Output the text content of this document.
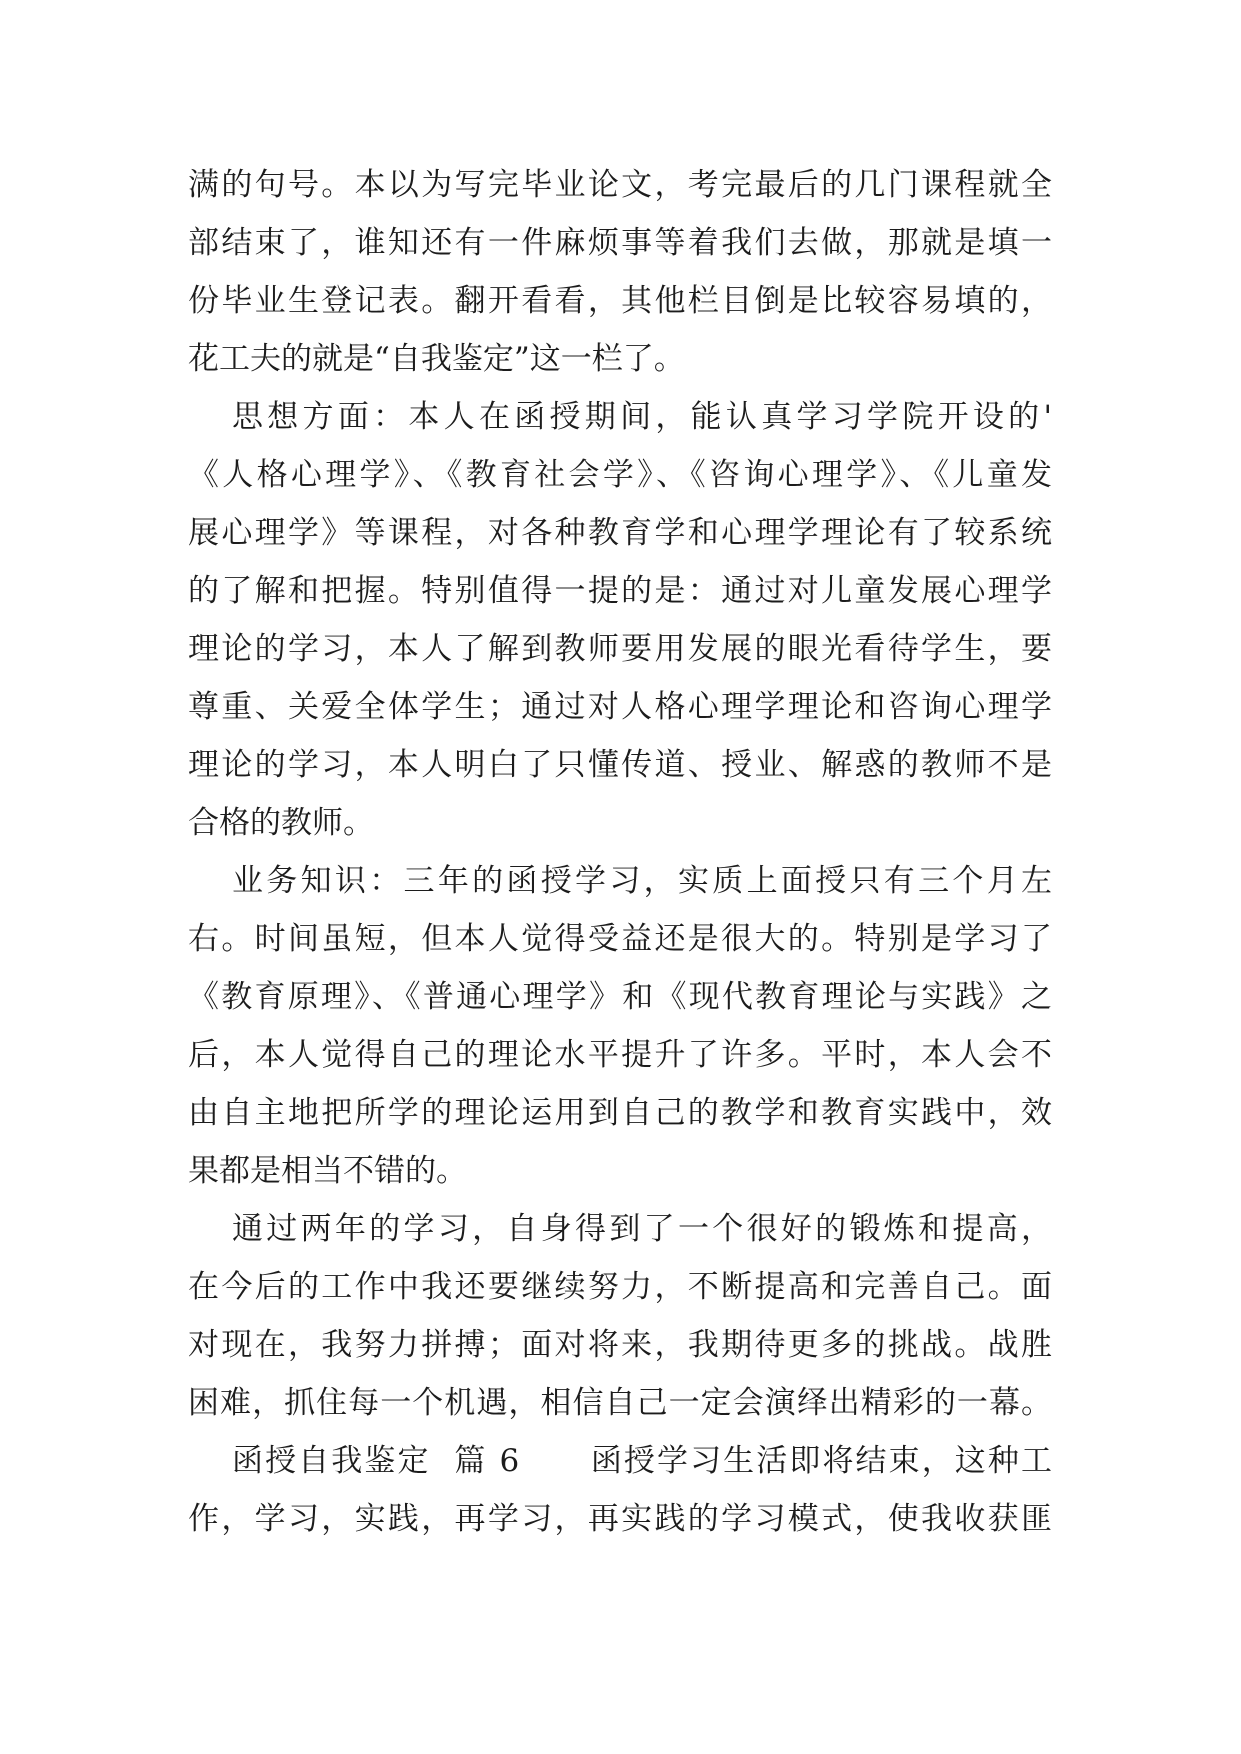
满的句号。本以为写完毕业论文，考完最后的几门课程就全
部结束了，谁知还有一件麻烦事等着我们去做，那就是填一
份毕业生登记表。翻开看看，其他栏目倒是比较容易填的，
花工夫的就是“自我鉴定”这一栏了。
思想方面：本人在函授期间，能认真学习学院开设的'
《人格心理学》、《教育社会学》、《咨询心理学》、《儿童发
展心理学》等课程，对各种教育学和心理学理论有了较系统
的了解和把握。特别值得一提的是：通过对儿童发展心理学
理论的学习，本人了解到教师要用发展的眼光看待学生，要
尊重、关爱全体学生；通过对人格心理学理论和咨询心理学
理论的学习，本人明白了只懂传道、授业、解惑的教师不是
合格的教师。
业务知识：三年的函授学习，实质上面授只有三个月左
右。时间虽短，但本人觉得受益还是很大的。特别是学习了
《教育原理》、《普通心理学》和《现代教育理论与实践》之
后，本人觉得自己的理论水平提升了许多。平时，本人会不
由自主地把所学的理论运用到自己的教学和教育实践中，效
果都是相当不错的。
通过两年的学习，自身得到了一个很好的锻炼和提高，
在今后的工作中我还要继续努力，不断提高和完善自己。面
对现在，我努力拼搏；面对将来，我期待更多的挑战。战胜
困难，抓住每一个机遇，相信自己一定会演绎出精彩的一幕。
函授自我鉴定  篇 6      函授学习生活即将结束，这种工
作，学习，实践，再学习，再实践的学习模式，使我收获匪
